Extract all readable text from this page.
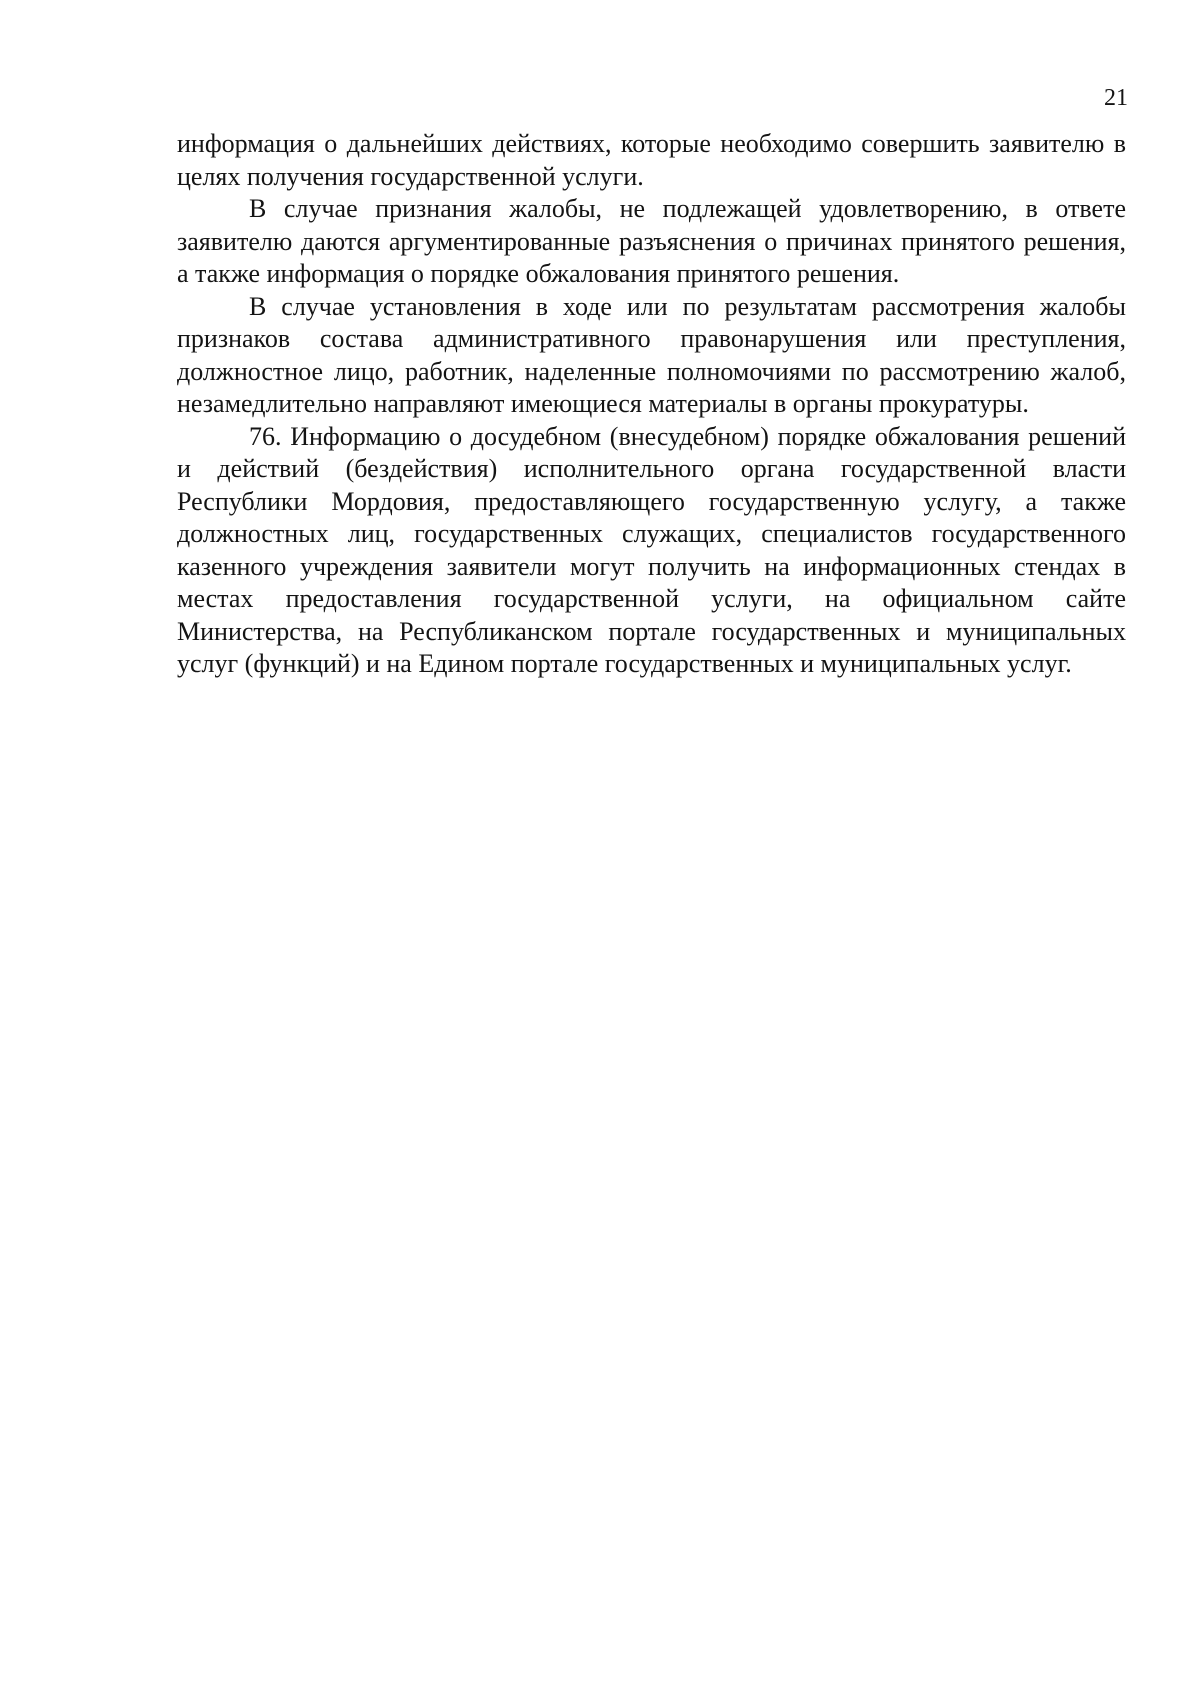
21

информация о дальнейших действиях, которые необходимо совершить заявителю в целях получения государственной услуги.

В случае признания жалобы, не подлежащей удовлетворению, в ответе заявителю даются аргументированные разъяснения о причинах принятого решения, а также информация о порядке обжалования принятого решения.

В случае установления в ходе или по результатам рассмотрения жалобы признаков состава административного правонарушения или преступления, должностное лицо, работник, наделенные полномочиями по рассмотрению жалоб, незамедлительно направляют имеющиеся материалы в органы прокуратуры.

76. Информацию о досудебном (внесудебном) порядке обжалования решений и действий (бездействия) исполнительного органа государственной власти Республики Мордовия, предоставляющего государственную услугу, а также должностных лиц, государственных служащих, специалистов государственного казенного учреждения заявители могут получить на информационных стендах в местах предоставления государственной услуги, на официальном сайте Министерства, на Республиканском портале государственных и муниципальных услуг (функций) и на Едином портале государственных и муниципальных услуг.
